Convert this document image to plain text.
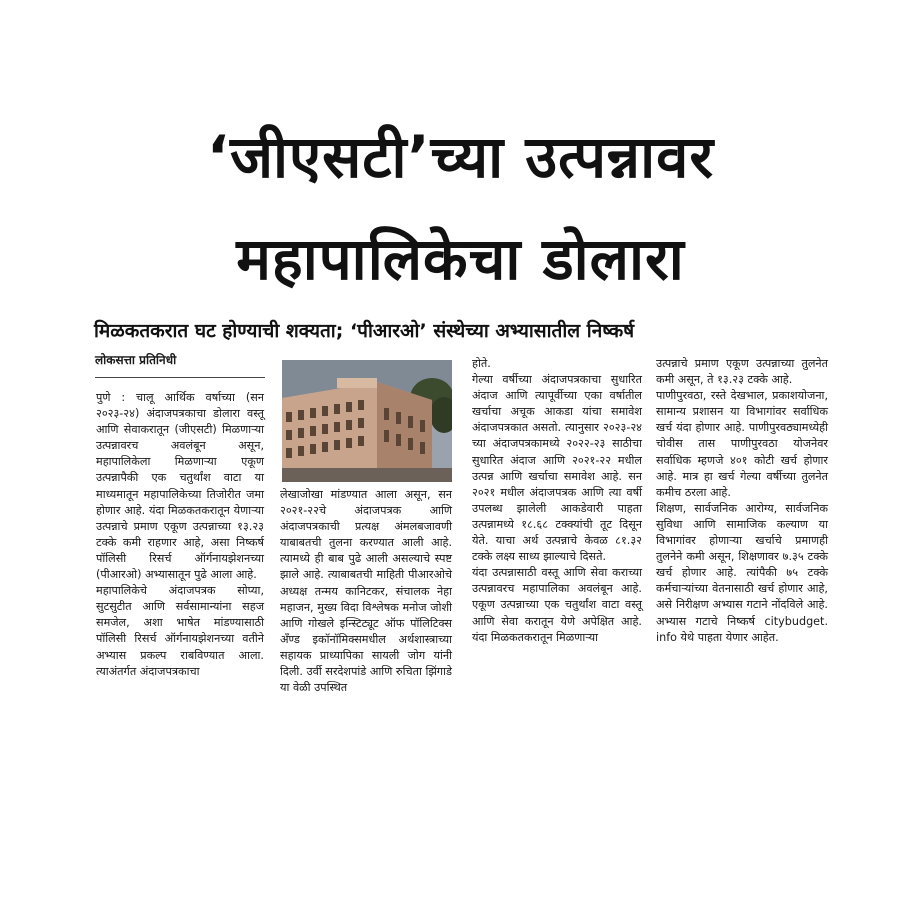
‘जीएसटी’च्या उत्पन्नावर
महापालिकेचा डोलारा
मिळकतकरात घट होण्याची शक्यता; ‘पीआरओ’ संस्थेच्या अभ्यासातील निष्कर्ष
लोकसत्ता प्रतिनिधी
पुणे : चालू आर्थिक वर्षाच्या (सन २०२३-२४) अंदाजपत्रकाचा डोलारा वस्तू आणि सेवाकरातून (जीएसटी) मिळणाऱ्या उत्पन्नावरच अवलंबून असून, महापालिकेला मिळणाऱ्या एकूण उत्पन्नापैकी एक चतुर्थांश वाटा या माध्यमातून महापालिकेच्या तिजोरीत जमा होणार आहे. यंदा मिळकतकरातून येणाऱ्या उत्पन्नाचे प्रमाण एकूण उत्पन्नाच्या १३.२३ टक्के कमी राहणार आहे, असा निष्कर्ष पॉलिसी रिसर्च ऑर्गनायझेशनच्या (पीआरओ) अभ्यासातून पुढे आला आहे.
महापालिकेचे अंदाजपत्रक सोप्या, सुटसुटीत आणि सर्वसामान्यांना सहज समजेल, अशा भाषेत मांडण्यासाठी पॉलिसी रिसर्च ऑर्गनायझेशनच्या वतीने अभ्यास प्रकल्प राबविण्यात आला. त्याअंतर्गत अंदाजपत्रकाचा
लेखाजोखा मांडण्यात आला असून, सन २०२१-२२चे अंदाजपत्रक आणि अंदाजपत्रकाची प्रत्यक्ष अंमलबजावणी याबाबतची तुलना करण्यात आली आहे. त्यामध्ये ही बाब पुढे आली असल्याचे स्पष्ट झाले आहे. त्याबाबतची माहिती पीआरओचे अध्यक्ष तन्मय कानिटकर, संचालक नेहा महाजन, मुख्य विदा विश्लेषक मनोज जोशी आणि गोखले इन्स्टिट्यूट ऑफ पॉलिटिक्स अँण्ड इकॉनॉमिक्समधील अर्थशास्त्राच्या सहायक प्राध्यापिका सायली जोग यांनी दिली. उर्वी सरदेशपांडे आणि रुचिता झिंगाडे या वेळी उपस्थित
होते.
गेल्या वर्षीच्या अंदाजपत्रकाचा सुधारित अंदाज आणि त्यापूर्वीच्या एका वर्षातील खर्चाचा अचूक आकडा यांचा समावेश अंदाजपत्रकात असतो. त्यानुसार २०२३-२४ च्या अंदाजपत्रकामध्ये २०२२-२३ साठीचा सुधारित अंदाज आणि २०२१-२२ मधील उत्पन्न आणि खर्चाचा समावेश आहे. सन २०२१ मधील अंदाजपत्रक आणि त्या वर्षी उपलब्ध झालेली आकडेवारी पाहता उत्पन्नामध्ये १८.६८ टक्क्यांची तूट दिसून येते. याचा अर्थ उत्पन्नाचे केवळ ८१.३२ टक्के लक्ष्य साध्य झाल्याचे दिसते.
यंदा उत्पन्नासाठी वस्तू आणि सेवा कराच्या उत्पन्नावरच महापालिका अवलंबून आहे. एकूण उत्पन्नाच्या एक चतुर्थांश वाटा वस्तू आणि सेवा करातून येणे अपेक्षित आहे. यंदा मिळकतकरातून मिळणाऱ्या
उत्पन्नाचे प्रमाण एकूण उत्पन्नाच्या तुलनेत कमी असून, ते १३.२३ टक्के आहे.
पाणीपुरवठा, रस्ते देखभाल, प्रकाशयोजना, सामान्य प्रशासन या विभागांवर सर्वाधिक खर्च यंदा होणार आहे. पाणीपुरवठ्यामध्येही चोवीस तास पाणीपुरवठा योजनेवर सर्वाधिक म्हणजे ४०१ कोटी खर्च होणार आहे. मात्र हा खर्च गेल्या वर्षीच्या तुलनेत कमीच ठरला आहे.
शिक्षण, सार्वजनिक आरोग्य, सार्वजनिक सुविधा आणि सामाजिक कल्याण या विभागांवर होणाऱ्या खर्चाचे प्रमाणही तुलनेने कमी असून, शिक्षणावर ७.३५ टक्के खर्च होणार आहे. त्यांपैकी ७५ टक्के कर्मचाऱ्यांच्या वेतनासाठी खर्च होणार आहे, असे निरीक्षण अभ्यास गटाने नोंदविले आहे. अभ्यास गटाचे निष्कर्ष citybudget. info येथे पाहता येणार आहेत.
